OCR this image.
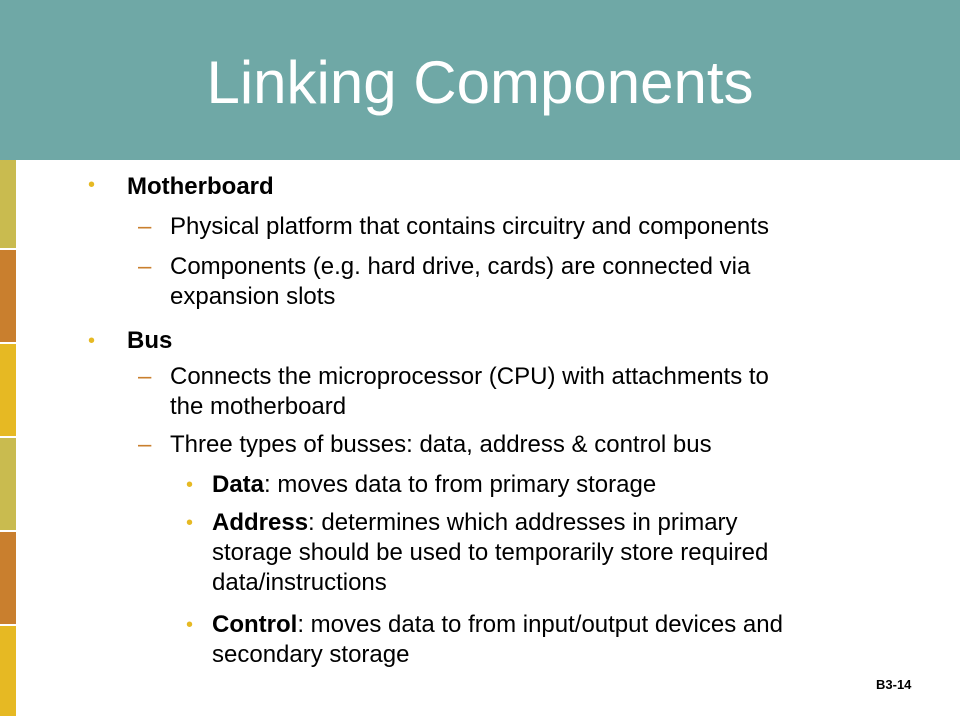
Linking Components
• Motherboard
– Physical platform that contains circuitry and components
– Components (e.g. hard drive, cards) are connected via
expansion slots
• Bus
– Connects the microprocessor (CPU) with attachments to
the motherboard
– Three types of busses: data, address & control bus
• Data: moves data to from primary storage
• Address: determines which addresses in primary
storage should be used to temporarily store required
data/instructions
• Control: moves data to from input/output devices and
secondary storage
B3-14
